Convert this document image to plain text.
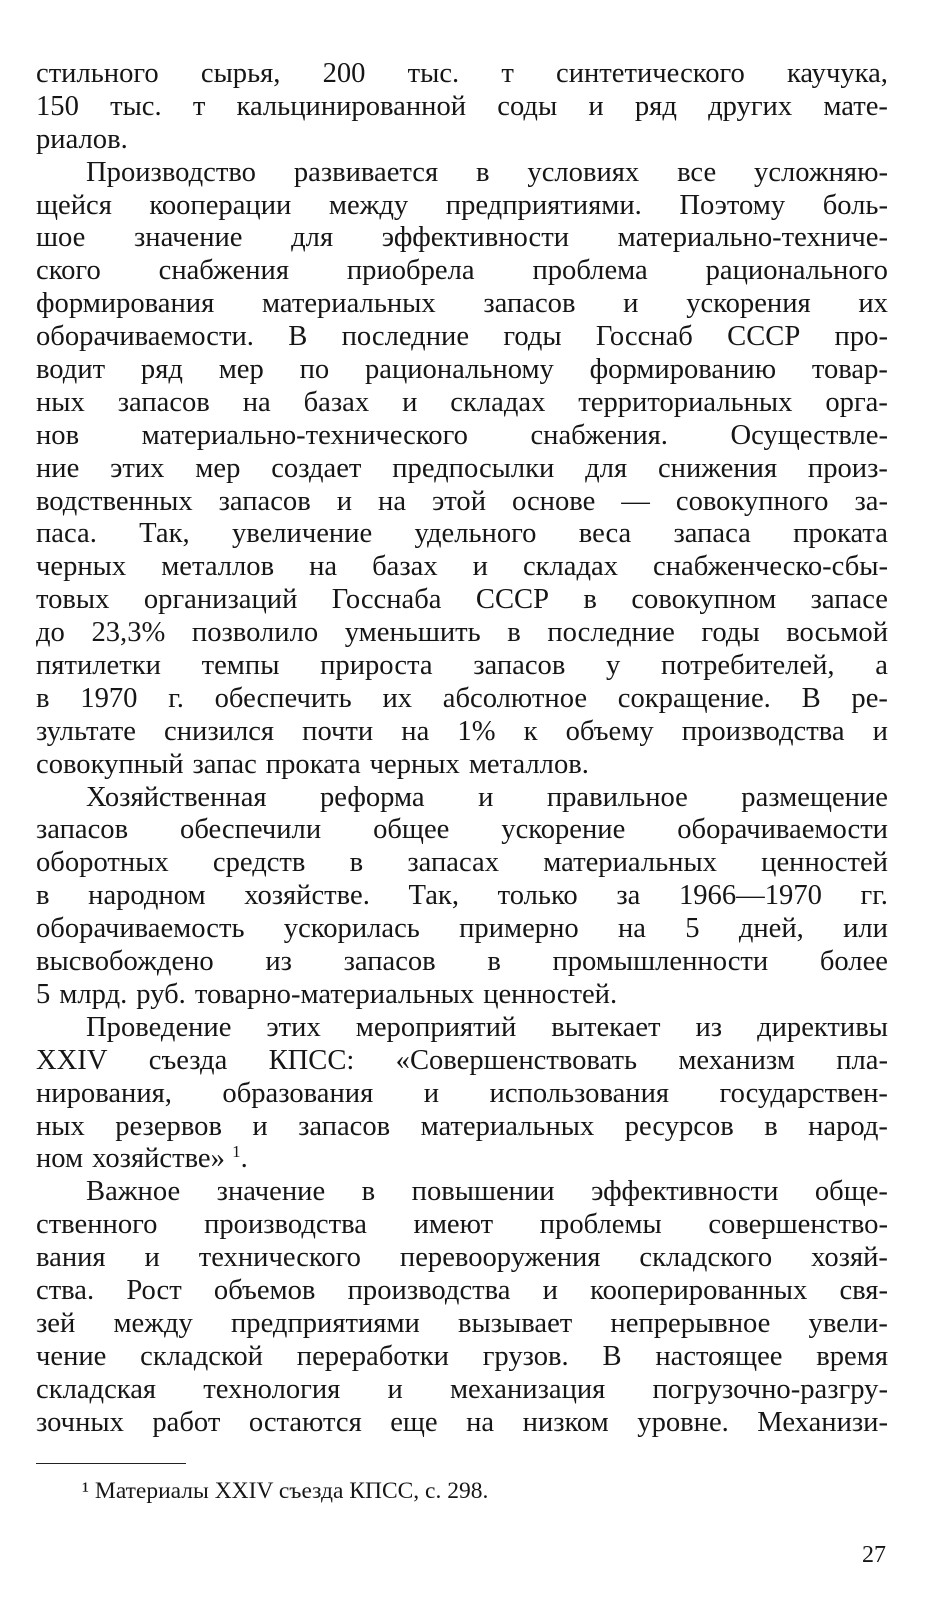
стильного сырья, 200 тыс. т синтетического каучука,
150 тыс. т кальцинированной соды и ряд других мате-
риалов.
Производство развивается в условиях все усложняю-
щейся кооперации между предприятиями. Поэтому боль-
шое значение для эффективности материально-техниче-
ского снабжения приобрела проблема рационального
формирования материальных запасов и ускорения их
оборачиваемости. В последние годы Госснаб СССР про-
водит ряд мер по рациональному формированию товар-
ных запасов на базах и складах территориальных орга-
нов материально-технического снабжения. Осуществле-
ние этих мер создает предпосылки для снижения произ-
водственных запасов и на этой основе — совокупного за-
паса. Так, увеличение удельного веса запаса проката
черных металлов на базах и складах снабженческо-сбы-
товых организаций Госснаба СССР в совокупном запасе
до 23,3% позволило уменьшить в последние годы восьмой
пятилетки темпы прироста запасов у потребителей, а
в 1970 г. обеспечить их абсолютное сокращение. В ре-
зультате снизился почти на 1% к объему производства и
совокупный запас проката черных металлов.
Хозяйственная реформа и правильное размещение
запасов обеспечили общее ускорение оборачиваемости
оборотных средств в запасах материальных ценностей
в народном хозяйстве. Так, только за 1966—1970 гг.
оборачиваемость ускорилась примерно на 5 дней, или
высвобождено из запасов в промышленности более
5 млрд. руб. товарно-материальных ценностей.
Проведение этих мероприятий вытекает из директивы
XXIV съезда КПСС: «Совершенствовать механизм пла-
нирования, образования и использования государствен-
ных резервов и запасов материальных ресурсов в народ-
ном хозяйстве» $^1$.
Важное значение в повышении эффективности обще-
ственного производства имеют проблемы совершенство-
вания и технического перевооружения складского хозяй-
ства. Рост объемов производства и кооперированных свя-
зей между предприятиями вызывает непрерывное увели-
чение складской переработки грузов. В настоящее время
складская технология и механизация погрузочно-разгру-
зочных работ остаются еще на низком уровне. Механизи-
¹ Материалы XXIV съезда КПСС, с. 298.
27
